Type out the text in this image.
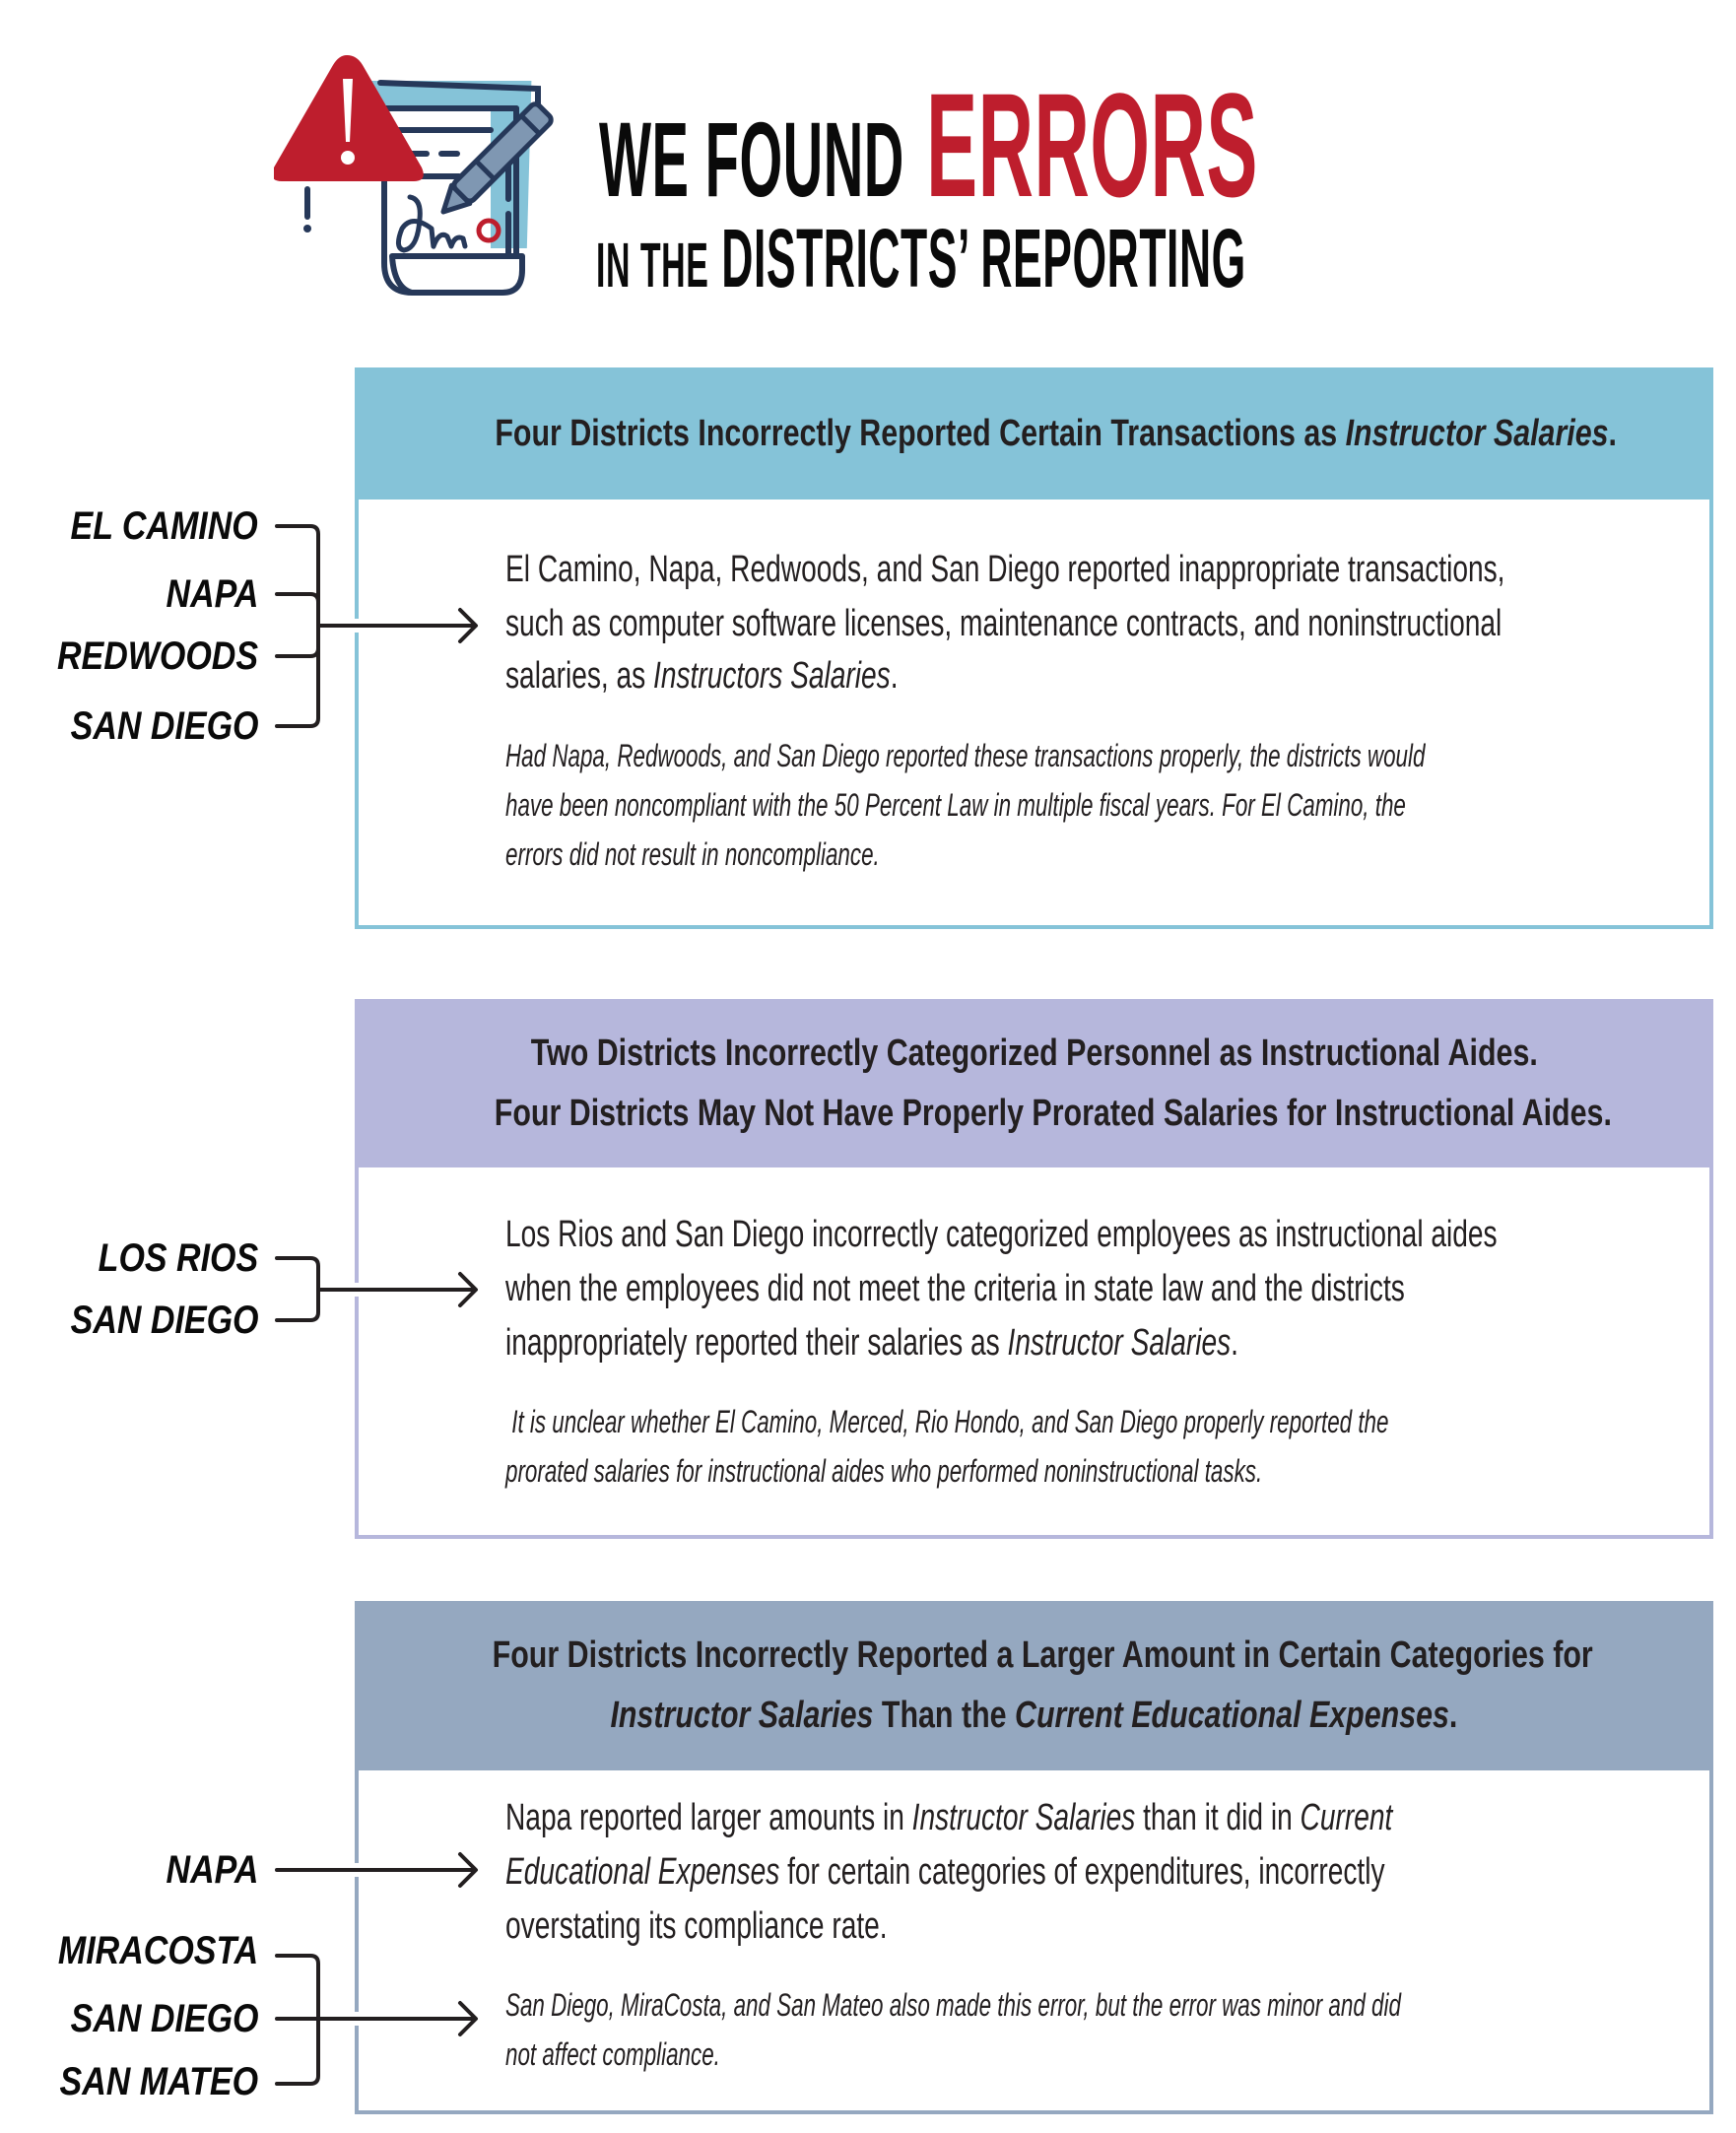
WE FOUND ERRORS
IN THE DISTRICTS’ REPORTING
Four Districts Incorrectly Reported Certain Transactions as Instructor Salaries.
Two Districts Incorrectly Categorized Personnel as Instructional Aides.
Four Districts May Not Have Properly Prorated Salaries for Instructional Aides.
Four Districts Incorrectly Reported a Larger Amount in Certain Categories for
Instructor Salaries Than the Current Educational Expenses.
El Camino, Napa, Redwoods, and San Diego reported inappropriate transactions,
such as computer software licenses, maintenance contracts, and noninstructional
salaries, as Instructors Salaries.
Had Napa, Redwoods, and San Diego reported these transactions properly, the districts would
have been noncompliant with the 50 Percent Law in multiple fiscal years. For El Camino, the
errors did not result in noncompliance.
Los Rios and San Diego incorrectly categorized employees as instructional aides
when the employees did not meet the criteria in state law and the districts
inappropriately reported their salaries as Instructor Salaries.
It is unclear whether El Camino, Merced, Rio Hondo, and San Diego properly reported the
prorated salaries for instructional aides who performed noninstructional tasks.
Napa reported larger amounts in Instructor Salaries than it did in Current
Educational Expenses for certain categories of expenditures, incorrectly
overstating its compliance rate.
San Diego, MiraCosta, and San Mateo also made this error, but the error was minor and did
not affect compliance.
EL CAMINO
NAPA
REDWOODS
SAN DIEGO
LOS RIOS
SAN DIEGO
NAPA
MIRACOSTA
SAN DIEGO
SAN MATEO
